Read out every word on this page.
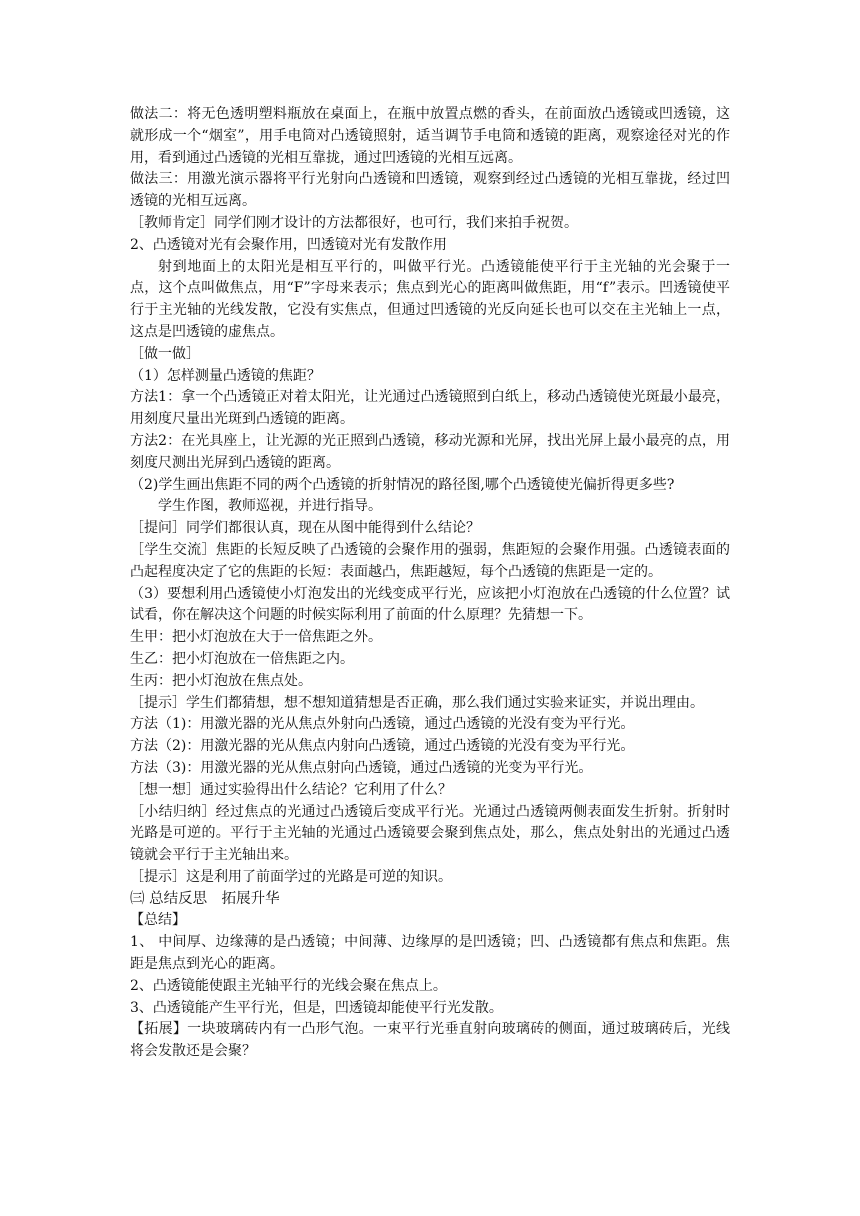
做法二：将无色透明塑料瓶放在桌面上，在瓶中放置点燃的香头，在前面放凸透镜或凹透镜，这就形成一个“烟室”，用手电筒对凸透镜照射，适当调节手电筒和透镜的距离，观察途径对光的作用，看到通过凸透镜的光相互靠拢，通过凹透镜的光相互远离。

做法三：用激光演示器将平行光射向凸透镜和凹透镜，观察到经过凸透镜的光相互靠拢，经过凹透镜的光相互远离。

［教师肯定］同学们刚才设计的方法都很好，也可行，我们来拍手祝贺。

2、凸透镜对光有会聚作用，凹透镜对光有发散作用

射到地面上的太阳光是相互平行的，叫做平行光。凸透镜能使平行于主光轴的光会聚于一点，这个点叫做焦点，用“F”字母来表示；焦点到光心的距离叫做焦距，用“f”表示。凹透镜使平行于主光轴的光线发散，它没有实焦点，但通过凹透镜的光反向延长也可以交在主光轴上一点，这点是凹透镜的虚焦点。

［做一做］

（1）怎样测量凸透镜的焦距？

方法1：拿一个凸透镜正对着太阳光，让光通过凸透镜照到白纸上，移动凸透镜使光斑最小最亮，用刻度尺量出光斑到凸透镜的距离。

方法2：在光具座上，让光源的光正照到凸透镜，移动光源和光屏，找出光屏上最小最亮的点，用刻度尺测出光屏到凸透镜的距离。

（2)学生画出焦距不同的两个凸透镜的折射情况的路径图,哪个凸透镜使光偏折得更多些?

学生作图，教师巡视，并进行指导。

［提问］同学们都很认真，现在从图中能得到什么结论？

［学生交流］焦距的长短反映了凸透镜的会聚作用的强弱，焦距短的会聚作用强。凸透镜表面的凸起程度决定了它的焦距的长短：表面越凸，焦距越短，每个凸透镜的焦距是一定的。

（3）要想利用凸透镜使小灯泡发出的光线变成平行光，应该把小灯泡放在凸透镜的什么位置？试试看，你在解决这个问题的时候实际利用了前面的什么原理？先猜想一下。

生甲：把小灯泡放在大于一倍焦距之外。

生乙：把小灯泡放在一倍焦距之内。

生丙：把小灯泡放在焦点处。

［提示］学生们都猜想，想不想知道猜想是否正确，那么我们通过实验来证实，并说出理由。

方法（1)：用激光器的光从焦点外射向凸透镜，通过凸透镜的光没有变为平行光。

方法（2)：用激光器的光从焦点内射向凸透镜，通过凸透镜的光没有变为平行光。

方法（3)：用激光器的光从焦点射向凸透镜，通过凸透镜的光变为平行光。

［想一想］通过实验得出什么结论？它利用了什么？

［小结归纳］经过焦点的光通过凸透镜后变成平行光。光通过凸透镜两侧表面发生折射。折射时光路是可逆的。平行于主光轴的光通过凸透镜要会聚到焦点处，那么，焦点处射出的光通过凸透镜就会平行于主光轴出来。

［提示］这是利用了前面学过的光路是可逆的知识。

㈢ 总结反思　拓展升华

【总结】

1、 中间厚、边缘薄的是凸透镜；中间薄、边缘厚的是凹透镜；凹、凸透镜都有焦点和焦距。焦距是焦点到光心的距离。

2、凸透镜能使跟主光轴平行的光线会聚在焦点上。

3、凸透镜能产生平行光，但是，凹透镜却能使平行光发散。

【拓展】一块玻璃砖内有一凸形气泡。一束平行光垂直射向玻璃砖的侧面，通过玻璃砖后，光线将会发散还是会聚？
